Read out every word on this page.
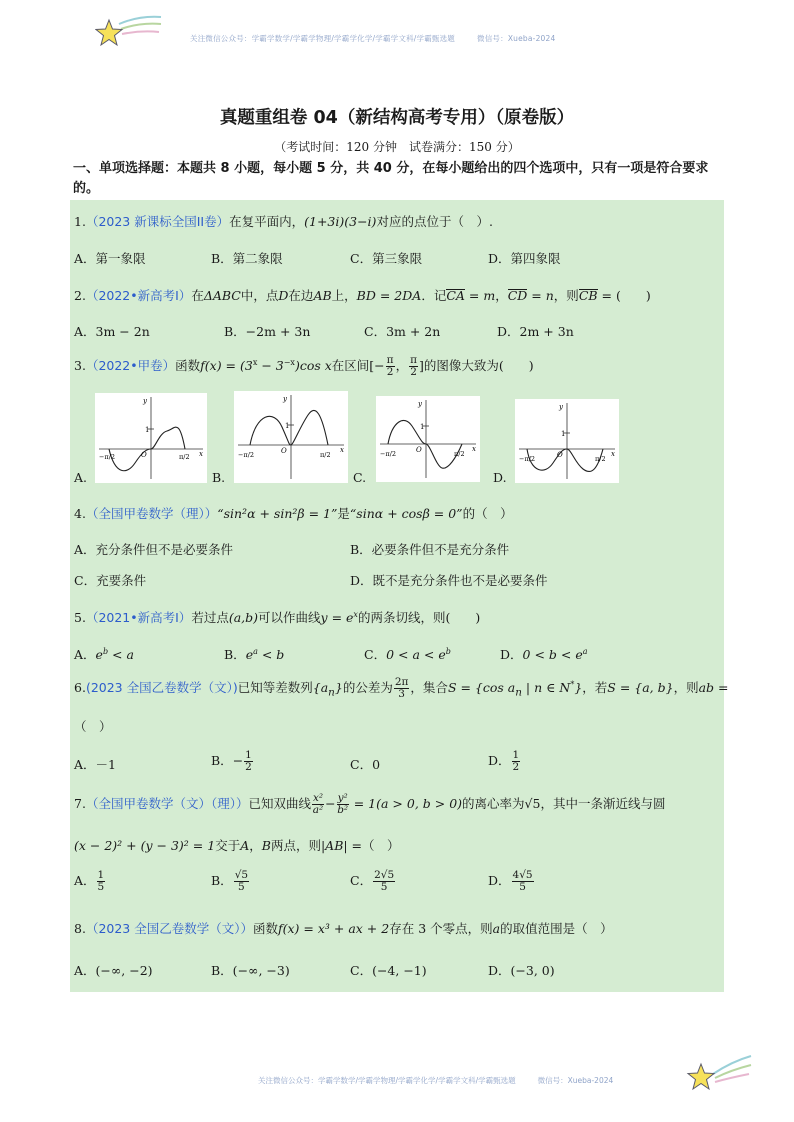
关注微信公众号：学霸学数学/学霸学物理/学霸学化学/学霸学文科/学霸甄选题	微信号：Xueba-2024
真题重组卷 04（新结构高考专用）（原卷版）
（考试时间：120 分钟　试卷满分：150 分）
一、单项选择题：本题共 8 小题，每小题 5 分，共 40 分，在每小题给出的四个选项中，只有一项是符合要求的。
1.（2023 新课标全国II卷）在复平面内，(1+3i)(3−i)对应的点位于（　）.
A．第一象限	B．第二象限	C．第三象限	D．第四象限
2.（2022•新高考I）在ΔABC中，点D在边AB上，BD = 2DA．记CA = m，CD = n，则CB = (　　)
A．3m − 2n	B．−2m + 3n	C．3m + 2n	D．2m + 3n
3.（2022•甲卷）函数$f(x) = (3^x - 3^{-x})\cos$ x在区间[− $\frac{\pi}{2}$ ， $\frac{\pi}{2}$ ]的图像大致为(　　)
y
x
1
O
−π/2	π/2
y
x
1
O
−π/2	π/2
y
x
1
O
−π/2	π/2
y
x
1
O
−π/2	π/2
A.	B.	C.	D.
4.（全国甲卷数学（理））“sin²α + sin²β = 1”是“sinα + cosβ = 0”的（　）
A．充分条件但不是必要条件	B．必要条件但不是充分条件
C．充要条件	D．既不是充分条件也不是必要条件
5.（2021•新高考I）若过点(a,b)可以作曲线$y = e^x$的两条切线，则(　　)
A．$e^b < a$	B．$e^a < b$	C．$0 < a < e^b$	D．$0 < b < e^a$
6.(2023 全国乙卷数学（文）)已知等差数列$\{a_n\}$的公差为 $\frac{2\pi}{3}$ ，集合S = {cos $a_n$ | n ∈ N*}，若S = {a, b}，则ab =
（　）
A．－1	B．− $\frac{1}{2}$	C．0	D． $\frac{1}{2}$
7.（全国甲卷数学（文）（理））已知双曲线 $\frac{\text{x²}}{\text{a²}} - \frac{\text{y²}}{\text{b²}} = 1(a > 0$, b > 0)的离心率为√5，其中一条渐近线与圆
(x − 2)² + (y − 3)² = 1交于A，B两点，则|AB| =（　）
A． $\frac{1}{5}$	B． $\frac{√5}{5}$	C． $\frac{2√5}{5}$	D． $\frac{4√5}{5}$
8.（2023 全国乙卷数学（文））函数f(x) = x³ + ax + 2存在 3 个零点，则a的取值范围是（　）
A．(−∞, −2)	B．(−∞, −3)	C．(−4, −1)	D．(−3, 0)
关注微信公众号：学霸学数学/学霸学物理/学霸学化学/学霸学文科/学霸甄选题	微信号：Xueba-2024
